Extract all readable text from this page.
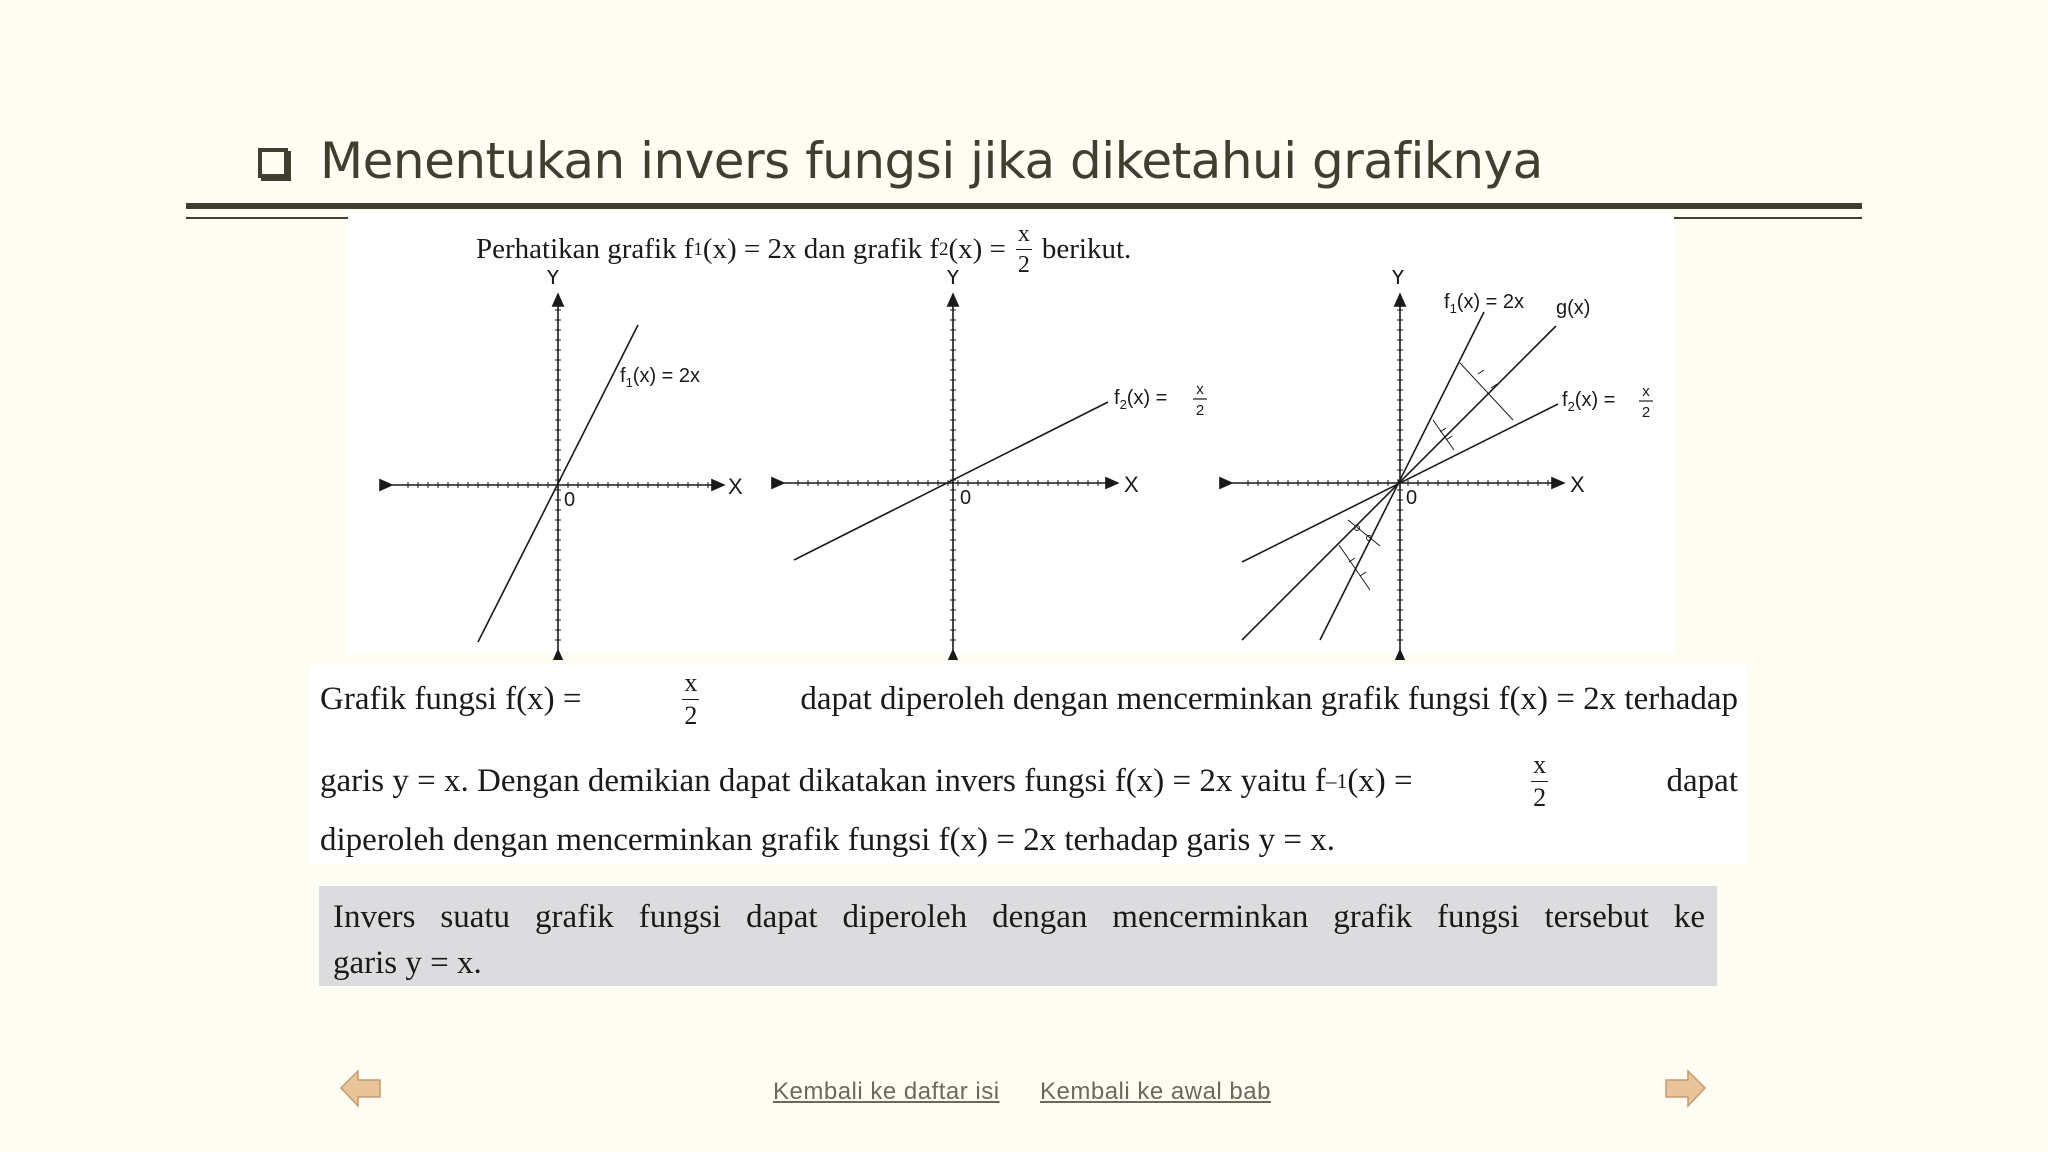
Menentukan invers fungsi jika diketahui grafiknya
Perhatikan grafik f 1 (x) = 2x dan grafik f 2 $(x) = \frac{x}{2}$ berikut.
Y
X
0
$f_1(x) = 2x$
Y
X
0
$f_2(x) = x$
2
Y
X
0
$f_1(x) = 2x$ g(x)
$f_2(x) = x$
2
Grafik fungsi f(x) =	$\frac{x}{2}$	dapat diperoleh dengan mencerminkan grafik fungsi f(x) = 2x terhadap
garis y = x. Dengan demikian dapat dikatakan invers fungsi f(x) = 2x yaitu f –1 (x) =	$\frac{x}{2}$	dapat
diperoleh dengan mencerminkan grafik fungsi f(x) = 2x terhadap garis y = x.
Invers suatu grafik fungsi dapat diperoleh dengan mencerminkan grafik fungsi tersebut ke
garis y = x.
Kembali ke daftar isi Kembali ke awal bab
